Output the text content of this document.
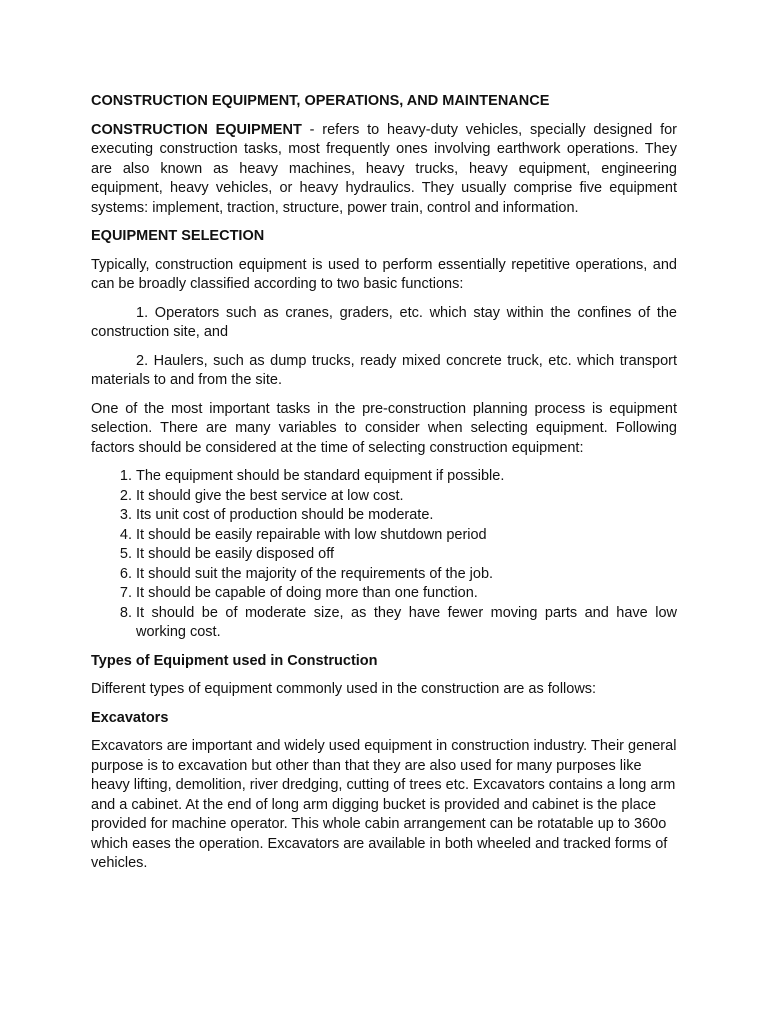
CONSTRUCTION EQUIPMENT, OPERATIONS, AND MAINTENANCE

CONSTRUCTION EQUIPMENT - refers to heavy-duty vehicles, specially designed for executing construction tasks, most frequently ones involving earthwork operations. They are also known as heavy machines, heavy trucks, heavy equipment, engineering equipment, heavy vehicles, or heavy hydraulics. They usually comprise five equipment systems: implement, traction, structure, power train, control and information.

EQUIPMENT SELECTION

Typically, construction equipment is used to perform essentially repetitive operations, and can be broadly classified according to two basic functions:

1. Operators such as cranes, graders, etc. which stay within the confines of the construction site, and

2. Haulers, such as dump trucks, ready mixed concrete truck, etc. which transport materials to and from the site.

One of the most important tasks in the pre-construction planning process is equipment selection. There are many variables to consider when selecting equipment. Following factors should be considered at the time of selecting construction equipment:

1. The equipment should be standard equipment if possible.
2. It should give the best service at low cost.
3. Its unit cost of production should be moderate.
4. It should be easily repairable with low shutdown period
5. It should be easily disposed off
6. It should suit the majority of the requirements of the job.
7. It should be capable of doing more than one function.
8. It should be of moderate size, as they have fewer moving parts and have low working cost.
Types of Equipment used in Construction

Different types of equipment commonly used in the construction are as follows:

Excavators

Excavators are important and widely used equipment in construction industry. Their general purpose is to excavation but other than that they are also used for many purposes like heavy lifting, demolition, river dredging, cutting of trees etc. Excavators contains a long arm and a cabinet. At the end of long arm digging bucket is provided and cabinet is the place provided for machine operator. This whole cabin arrangement can be rotatable up to 360o which eases the operation. Excavators are available in both wheeled and tracked forms of vehicles.
